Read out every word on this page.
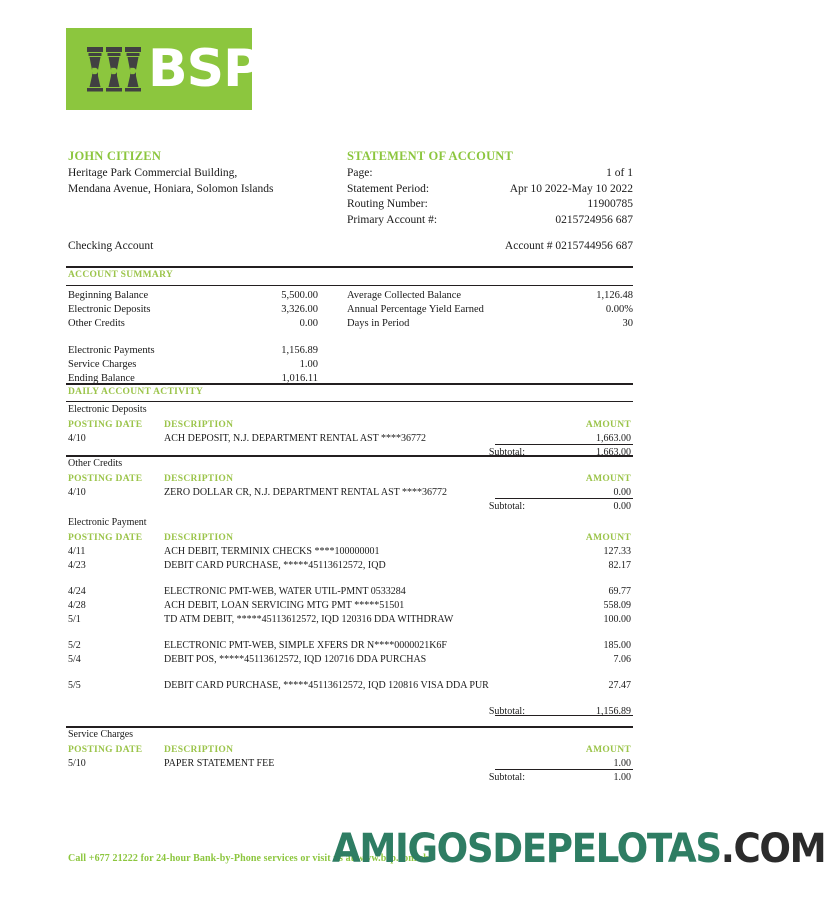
BSP
JOHN CITIZEN
Heritage Park Commercial Building,
Mendana Avenue, Honiara, Solomon Islands
STATEMENT OF ACCOUNT
Page:	1 of 1
Statement Period:	Apr 10 2022-May 10 2022
Routing Number:	11900785
Primary Account #:	0215724956 687
Account # 0215744956 687
Checking Account
ACCOUNT SUMMARY
Beginning Balance	5,500.00
Electronic Deposits	3,326.00
Other Credits	0.00

Electronic Payments	1,156.89
Service Charges	1.00
Ending Balance	1,016.11
Average Collected Balance	1,126.48
Annual Percentage Yield Earned	0.00%
Days in Period	30
DAILY ACCOUNT ACTIVITY
Electronic Deposits
POSTING DATE	DESCRIPTION	AMOUNT
4/10	ACH DEPOSIT, N.J. DEPARTMENT RENTAL AST ****36772	1,663.00
	Subtotal:	1,663.00
Other Credits
POSTING DATE	DESCRIPTION	AMOUNT
4/10	ZERO DOLLAR CR, N.J. DEPARTMENT RENTAL AST ****36772	0.00
	Subtotal:	0.00
Electronic Payment
POSTING DATE	DESCRIPTION	AMOUNT
4/11	ACH DEBIT, TERMINIX CHECKS ****100000001	127.33
4/23	DEBIT CARD PURCHASE, *****45113612572, IQD	82.17

4/24	ELECTRONIC PMT-WEB, WATER UTIL-PMNT 0533284	69.77
4/28	ACH DEBIT, LOAN SERVICING MTG PMT *****51501	558.09
5/1	TD ATM DEBIT, *****45113612572, IQD 120316 DDA WITHDRAW	100.00

5/2	ELECTRONIC PMT-WEB, SIMPLE XFERS DR N****0000021K6F	185.00
5/4	DEBIT POS, *****45113612572, IQD 120716 DDA PURCHAS	7.06

5/5	DEBIT CARD PURCHASE, *****45113612572, IQD 120816 VISA DDA PUR	27.47

	Subtotal:	1,156.89
Service Charges
POSTING DATE	DESCRIPTION	AMOUNT
5/10	PAPER STATEMENT FEE	1.00
	Subtotal:	1.00
Call +677 21222 for 24-hour Bank-by-Phone services or visit us at www.bsp.com.sb
AMIGOSDEPELOTAS.COM
